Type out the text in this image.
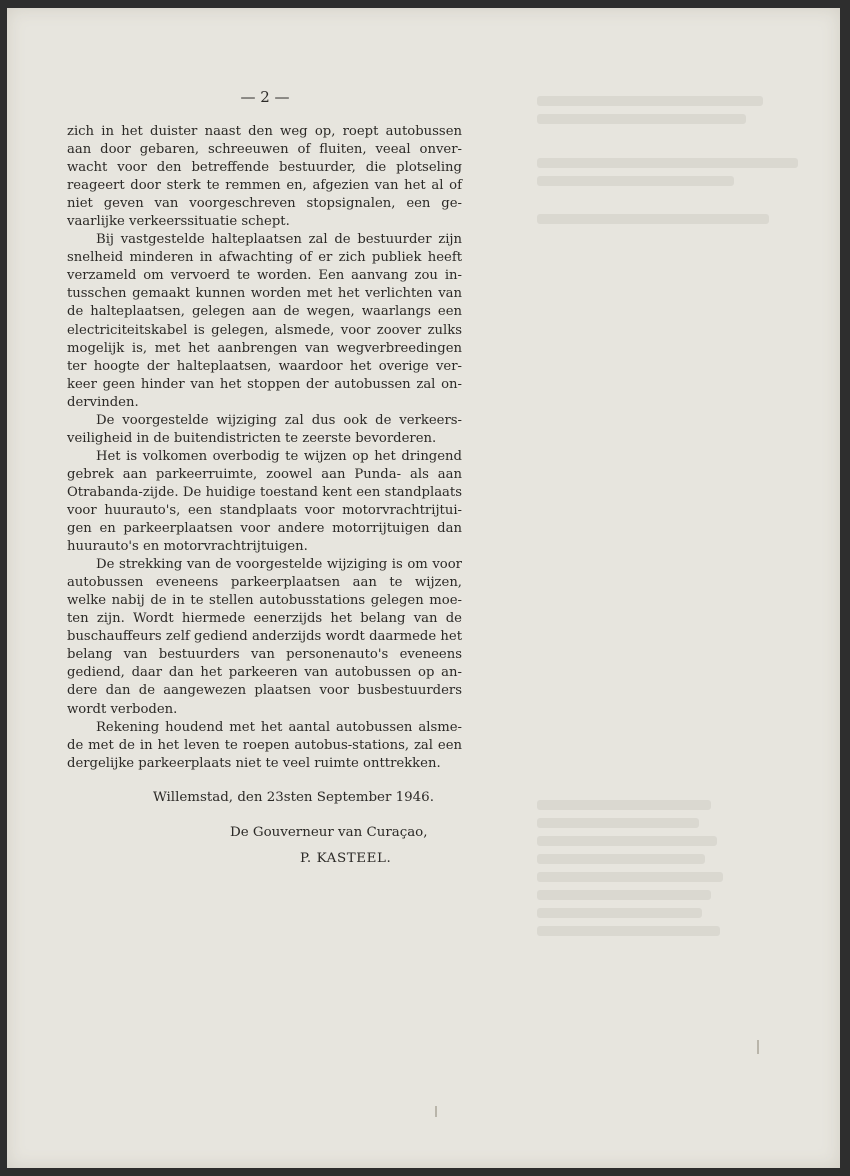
— 2 —

zich in het duister naast den weg op, roept autobussen aan door gebaren, schreeuwen of fluiten, veeal onver-wacht voor den betreffende bestuurder, die plotseling reageert door sterk te remmen en, afgezien van het al of niet geven van voorgeschreven stopsignalen, een ge-vaarlijke verkeerssituatie schept.

Bij vastgestelde halteplaatsen zal de bestuurder zijn snelheid minderen in afwachting of er zich publiek heeft verzameld om vervoerd te worden. Een aanvang zou in-tusschen gemaakt kunnen worden met het verlichten van de halteplaatsen, gelegen aan de wegen, waarlangs een electriciteitskabel is gelegen, alsmede, voor zoover zulks mogelijk is, met het aanbrengen van wegverbreedingen ter hoogte der halteplaatsen, waardoor het overige ver-keer geen hinder van het stoppen der autobussen zal on-dervinden.

De voorgestelde wijziging zal dus ook de verkeers-veiligheid in de buitendistricten te zeerste bevorderen.

Het is volkomen overbodig te wijzen op het dringend gebrek aan parkeerruimte, zoowel aan Punda- als aan Otrabanda-zijde. De huidige toestand kent een standplaats voor huurauto's, een standplaats voor motorvrachtrijtui-gen en parkeerplaatsen voor andere motorrijtuigen dan huurauto's en motorvrachtrijtuigen.

De strekking van de voorgestelde wijziging is om voor autobussen eveneens parkeerplaatsen aan te wijzen, welke nabij de in te stellen autobusstations gelegen moe-ten zijn. Wordt hiermede eenerzijds het belang van de buschauffeurs zelf gediend anderzijds wordt daarmede het belang van bestuurders van personenauto's eveneens gediend, daar dan het parkeeren van autobussen op an-dere dan de aangewezen plaatsen voor busbestuurders wordt verboden.

Rekening houdend met het aantal autobussen alsme-de met de in het leven te roepen autobus-stations, zal een dergelijke parkeerplaats niet te veel ruimte onttrekken.

Willemstad, den 23sten September 1946.
De Gouverneur van Curaçao,
P. KASTEEL.
